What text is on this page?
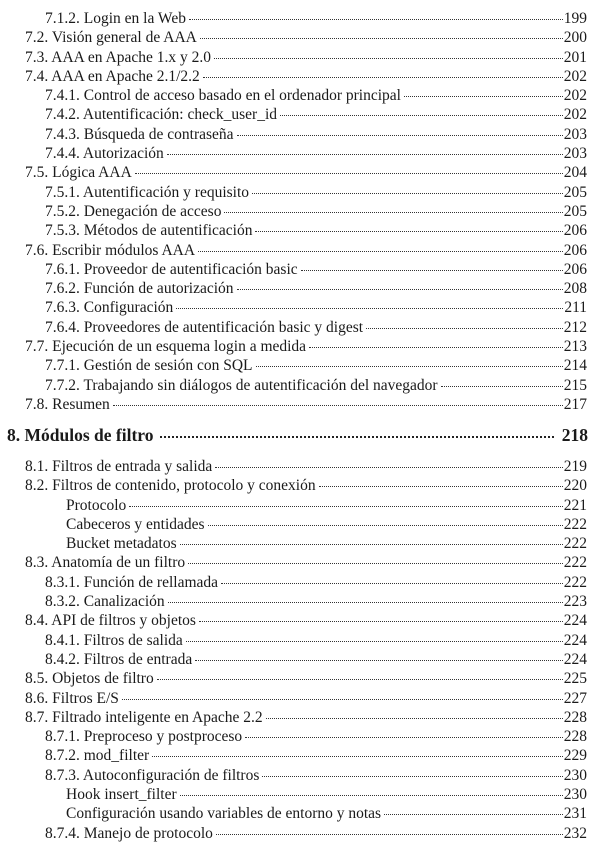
7.1.2. Login en la Web	199
7.2. Visión general de AAA	200
7.3. AAA en Apache 1.x y 2.0	201
7.4. AAA en Apache 2.1/2.2	202
7.4.1. Control de acceso basado en el ordenador principal	202
7.4.2. Autentificación: check_user_id	202
7.4.3. Búsqueda de contraseña	203
7.4.4. Autorización	203
7.5. Lógica AAA	204
7.5.1. Autentificación y requisito	205
7.5.2. Denegación de acceso	205
7.5.3. Métodos de autentificación	206
7.6. Escribir módulos AAA	206
7.6.1. Proveedor de autentificación basic	206
7.6.2. Función de autorización	208
7.6.3. Configuración	211
7.6.4. Proveedores de autentificación basic y digest	212
7.7. Ejecución de un esquema login a medida	213
7.7.1. Gestión de sesión con SQL	214
7.7.2. Trabajando sin diálogos de autentificación del navegador	215
7.8. Resumen	217
8. Módulos de filtro	218
8.1. Filtros de entrada y salida	219
8.2. Filtros de contenido, protocolo y conexión	220
Protocolo	221
Cabeceros y entidades	222
Bucket metadatos	222
8.3. Anatomía de un filtro	222
8.3.1. Función de rellamada	222
8.3.2. Canalización	223
8.4. API de filtros y objetos	224
8.4.1. Filtros de salida	224
8.4.2. Filtros de entrada	224
8.5. Objetos de filtro	225
8.6. Filtros E/S	227
8.7. Filtrado inteligente en Apache 2.2	228
8.7.1. Preproceso y postproceso	228
8.7.2. mod_filter	229
8.7.3. Autoconfiguración de filtros	230
Hook insert_filter	230
Configuración usando variables de entorno y notas	231
8.7.4. Manejo de protocolo	232
